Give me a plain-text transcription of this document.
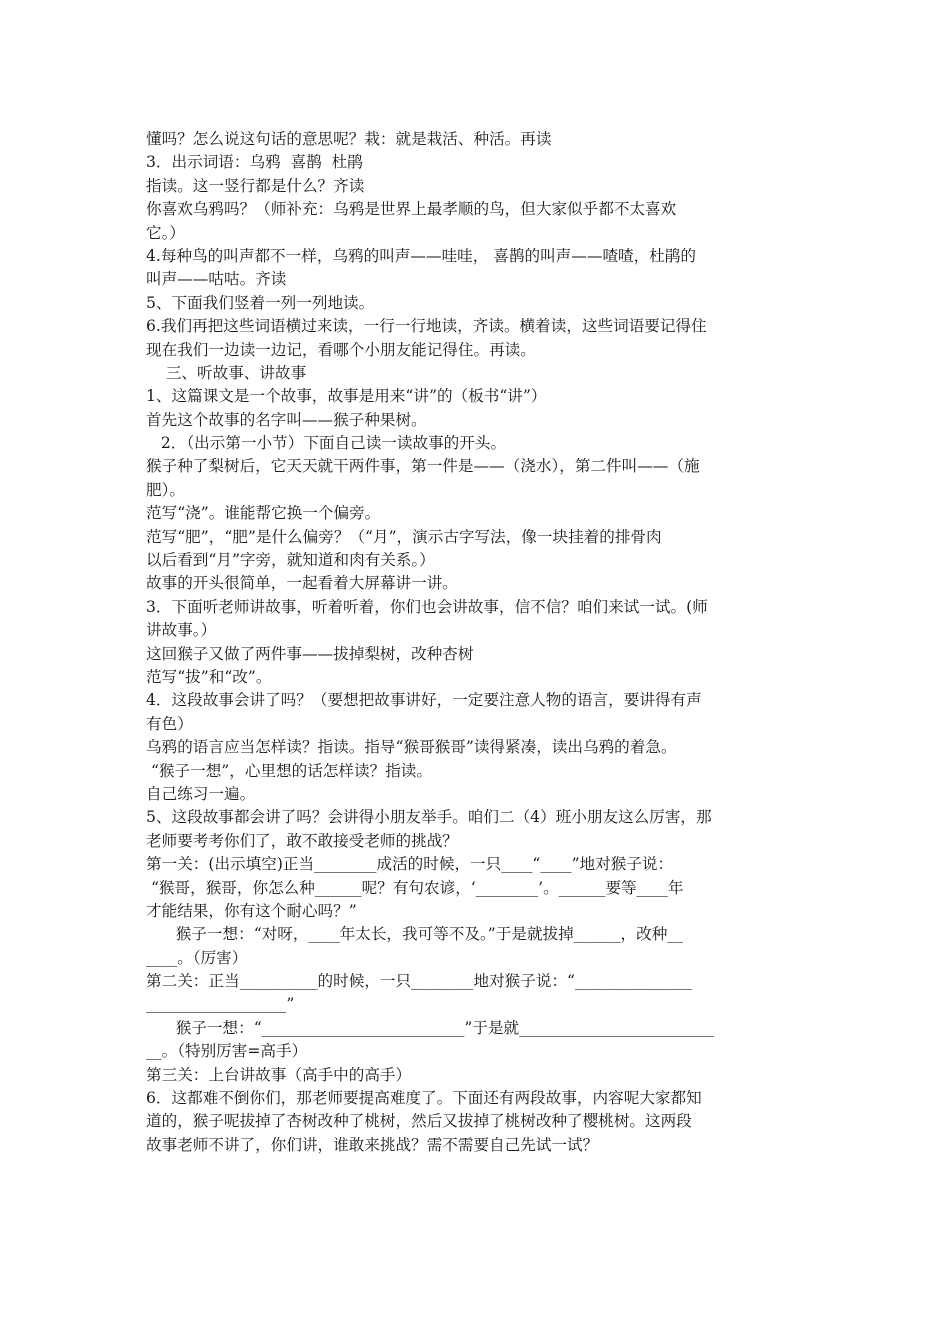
懂吗？怎么说这句话的意思呢？栽：就是栽活、种活。再读
3．出示词语：乌鸦  喜鹊  杜鹃
指读。这一竖行都是什么？齐读
你喜欢乌鸦吗？（师补充：乌鸦是世界上最孝顺的鸟，但大家似乎都不太喜欢
它。）
4.每种鸟的叫声都不一样，乌鸦的叫声——哇哇， 喜鹊的叫声——喳喳，杜鹃的
叫声——咕咕。齐读
5、下面我们竖着一列一列地读。
6.我们再把这些词语横过来读，一行一行地读，齐读。横着读，这些词语要记得住
现在我们一边读一边记，看哪个小朋友能记得住。再读。
三、听故事、讲故事
1、这篇课文是一个故事，故事是用来“讲”的（板书“讲”）
首先这个故事的名字叫——猴子种果树。
2．（出示第一小节）下面自己读一读故事的开头。
猴子种了梨树后，它天天就干两件事，第一件是——（浇水），第二件叫——（施
肥）。
范写“浇”。谁能帮它换一个偏旁。
范写“肥”，“肥”是什么偏旁？（“月”，演示古字写法，像一块挂着的排骨肉
以后看到“月”字旁，就知道和肉有关系。）
故事的开头很简单，一起看着大屏幕讲一讲。
3．下面听老师讲故事，听着听着，你们也会讲故事，信不信？咱们来试一试。(师
讲故事。）
这回猴子又做了两件事——拔掉梨树，改种杏树
范写“拔”和“改”。
4．这段故事会讲了吗？（要想把故事讲好，一定要注意人物的语言，要讲得有声
有色）
乌鸦的语言应当怎样读？指读。指导“猴哥猴哥”读得紧凑，读出乌鸦的着急。
“猴子一想”，心里想的话怎样读？指读。
自己练习一遍。
5、这段故事都会讲了吗？会讲得小朋友举手。咱们二（4）班小朋友这么厉害，那
老师要考考你们了，敢不敢接受老师的挑战？
第一关：(出示填空)正当________成活的时候，一只____“____”地对猴子说：
“猴哥，猴哥，你怎么种______呢？有句农谚，‘________’。______要等____年
才能结果，你有这个耐心吗？”
猴子一想：“对呀，____年太长，我可等不及。”于是就拔掉______，改种__
____。（厉害）
第二关：正当__________的时候，一只________地对猴子说：“_______________
__________________”
猴子一想：“__________________________”于是就_________________________
__。（特别厉害=高手）
第三关：上台讲故事（高手中的高手）
6．这都难不倒你们，那老师要提高难度了。下面还有两段故事，内容呢大家都知
道的，猴子呢拔掉了杏树改种了桃树，然后又拔掉了桃树改种了樱桃树。这两段
故事老师不讲了，你们讲，谁敢来挑战？需不需要自己先试一试？
